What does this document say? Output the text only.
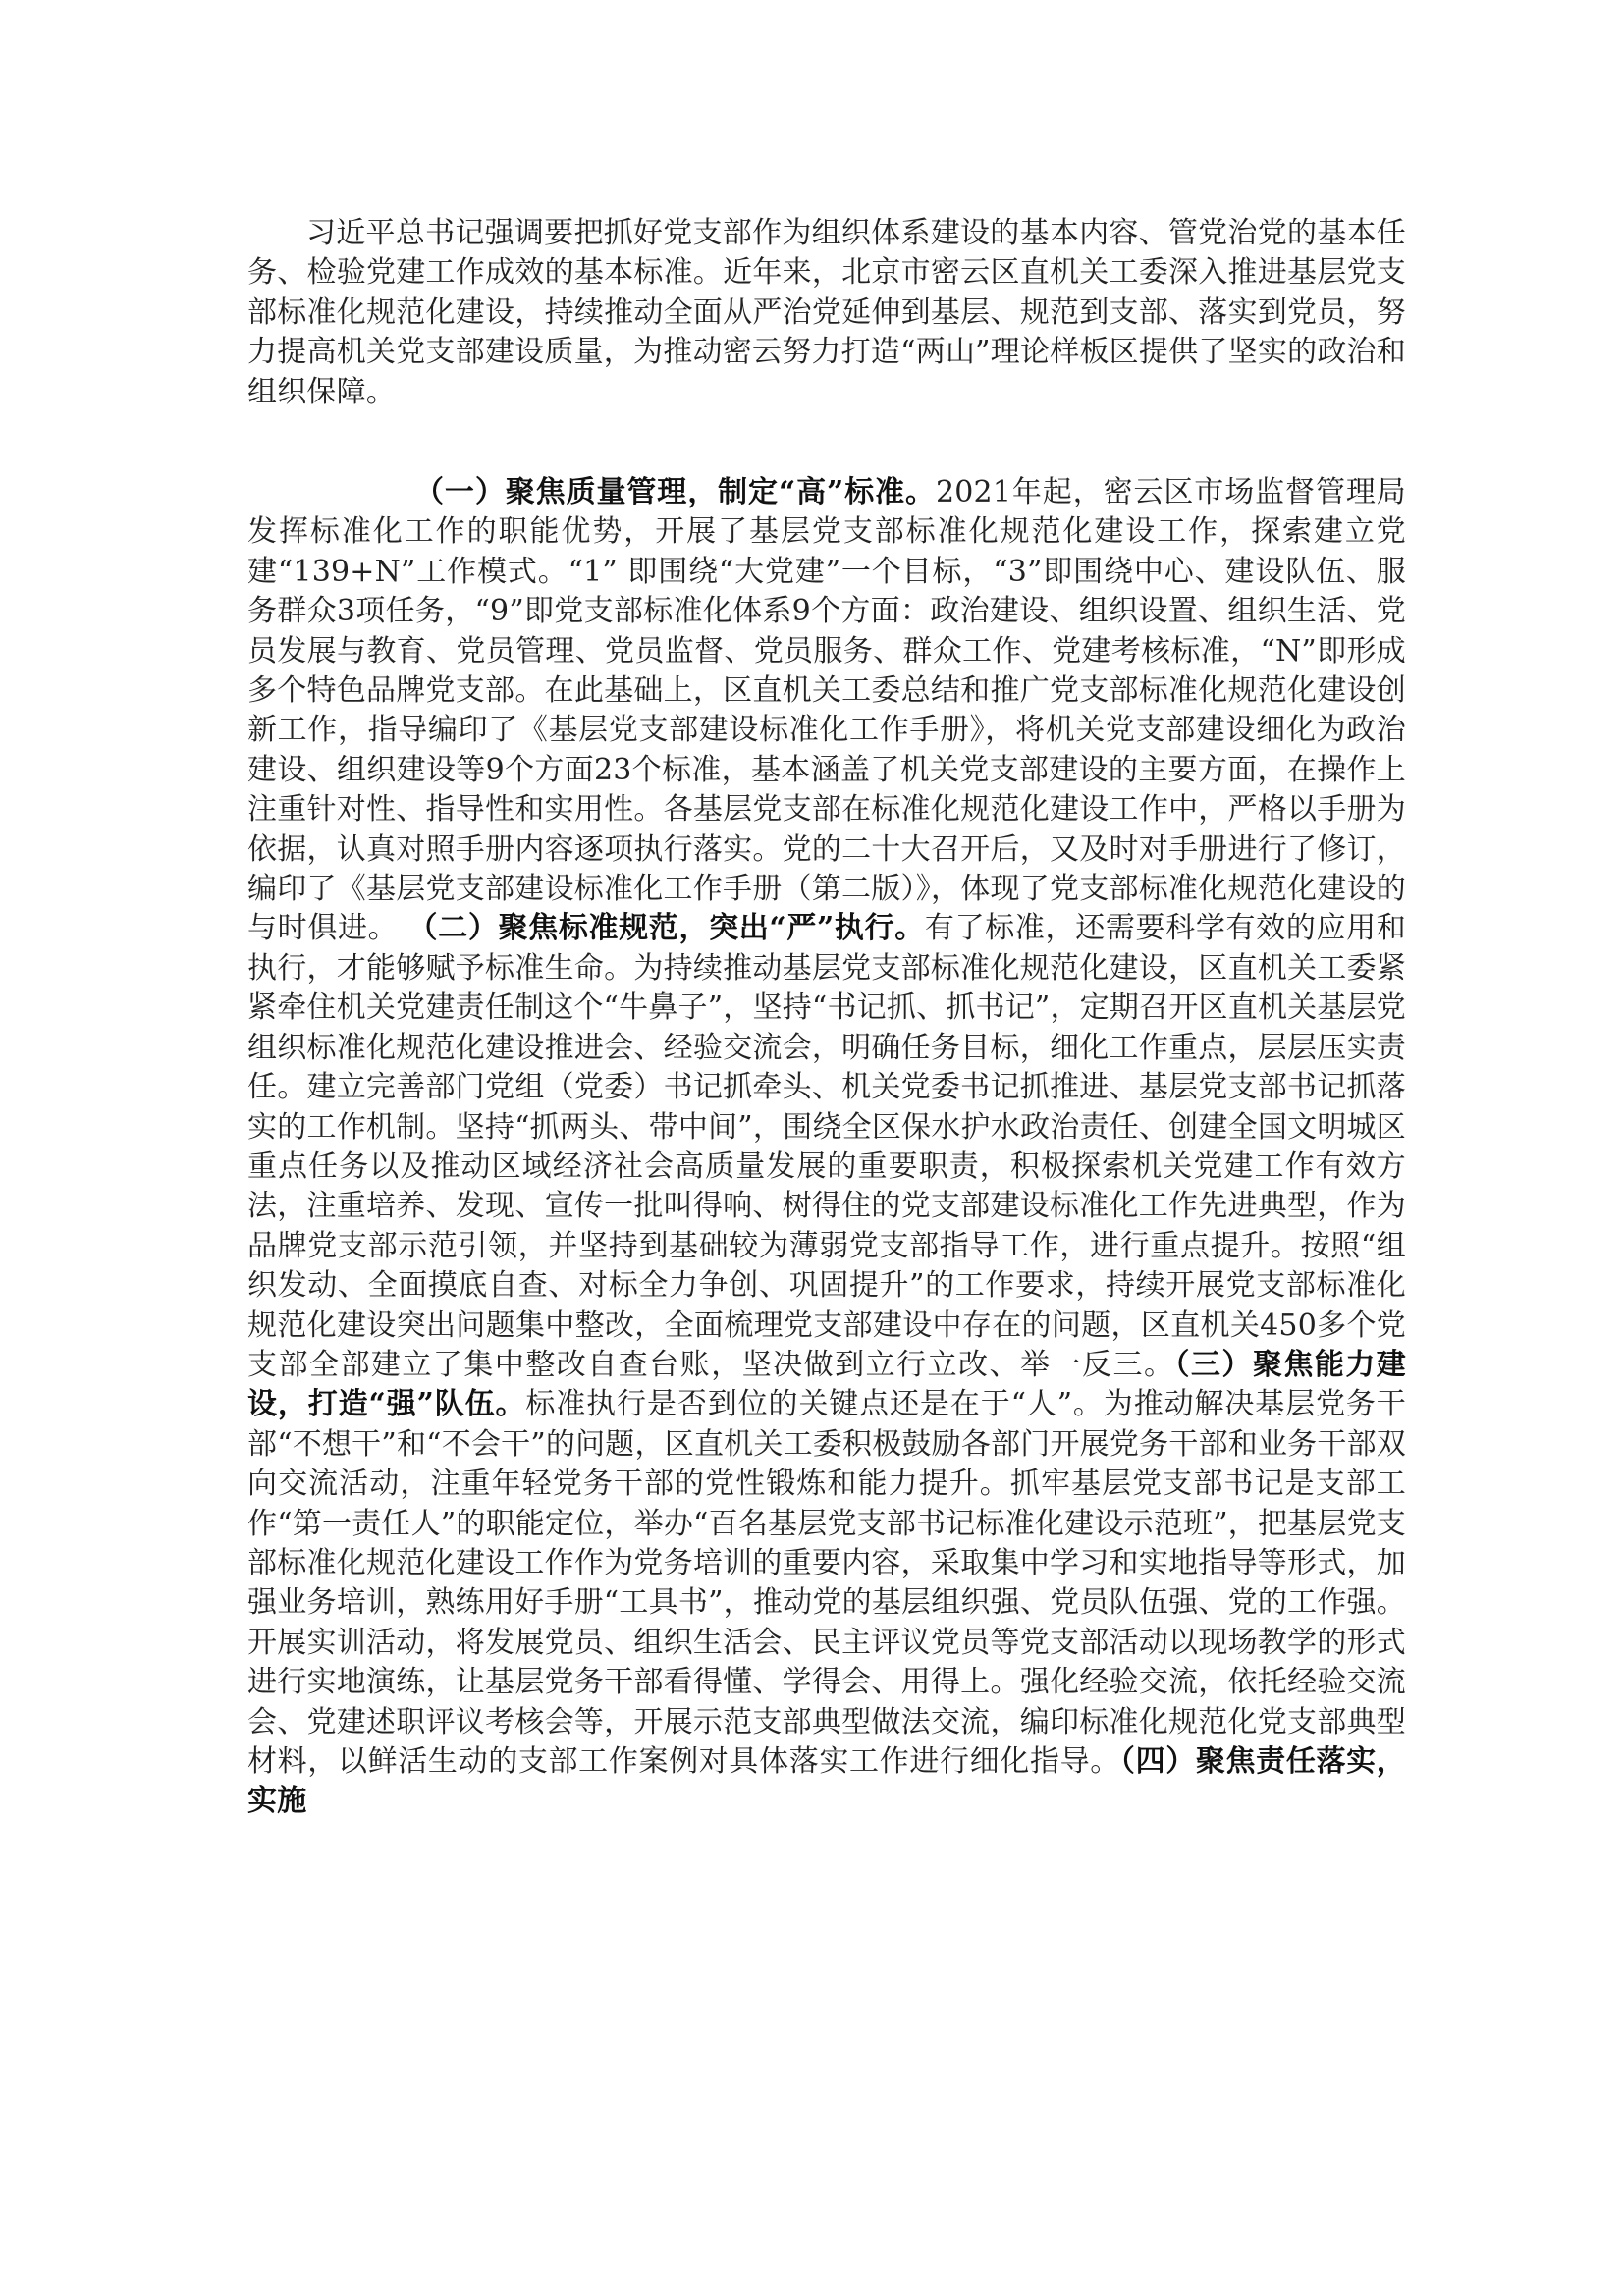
习近平总书记强调要把抓好党支部作为组织体系建设的基本内容、管党治党的基本任务、检验党建工作成效的基本标准。近年来，北京市密云区直机关工委深入推进基层党支部标准化规范化建设，持续推动全面从严治党延伸到基层、规范到支部、落实到党员，努力提高机关党支部建设质量，为推动密云努力打造“两山”理论样板区提供了坚实的政治和组织保障。

（一）聚焦质量管理，制定“高”标准。2021年起，密云区市场监督管理局发挥标准化工作的职能优势，开展了基层党支部标准化规范化建设工作，探索建立党建“139+N”工作模式。“1” 即围绕“大党建”一个目标，“3”即围绕中心、建设队伍、服务群众3项任务，“9”即党支部标准化体系9个方面：政治建设、组织设置、组织生活、党员发展与教育、党员管理、党员监督、党员服务、群众工作、党建考核标准，“N”即形成多个特色品牌党支部。在此基础上，区直机关工委总结和推广党支部标准化规范化建设创新工作，指导编印了《基层党支部建设标准化工作手册》，将机关党支部建设细化为政治建设、组织建设等9个方面23个标准，基本涵盖了机关党支部建设的主要方面，在操作上注重针对性、指导性和实用性。各基层党支部在标准化规范化建设工作中，严格以手册为依据，认真对照手册内容逐项执行落实。党的二十大召开后，又及时对手册进行了修订，编印了《基层党支部建设标准化工作手册（第二版）》，体现了党支部标准化规范化建设的与时俱进。 （二）聚焦标准规范，突出“严”执行。有了标准，还需要科学有效的应用和执行，才能够赋予标准生命。为持续推动基层党支部标准化规范化建设，区直机关工委紧紧牵住机关党建责任制这个“牛鼻子”，坚持“书记抓、抓书记”，定期召开区直机关基层党组织标准化规范化建设推进会、经验交流会，明确任务目标，细化工作重点，层层压实责任。建立完善部门党组（党委）书记抓牵头、机关党委书记抓推进、基层党支部书记抓落实的工作机制。坚持“抓两头、带中间”，围绕全区保水护水政治责任、创建全国文明城区重点任务以及推动区域经济社会高质量发展的重要职责，积极探索机关党建工作有效方法，注重培养、发现、宣传一批叫得响、树得住的党支部建设标准化工作先进典型，作为品牌党支部示范引领，并坚持到基础较为薄弱党支部指导工作，进行重点提升。按照“组织发动、全面摸底自查、对标全力争创、巩固提升”的工作要求，持续开展党支部标准化规范化建设突出问题集中整改，全面梳理党支部建设中存在的问题，区直机关450多个党支部全部建立了集中整改自查台账，坚决做到立行立改、举一反三。（三）聚焦能力建设，打造“强”队伍。标准执行是否到位的关键点还是在于“人”。为推动解决基层党务干部“不想干”和“不会干”的问题，区直机关工委积极鼓励各部门开展党务干部和业务干部双向交流活动，注重年轻党务干部的党性锻炼和能力提升。抓牢基层党支部书记是支部工作“第一责任人”的职能定位，举办“百名基层党支部书记标准化建设示范班”，把基层党支部标准化规范化建设工作作为党务培训的重要内容，采取集中学习和实地指导等形式，加强业务培训，熟练用好手册“工具书”，推动党的基层组织强、党员队伍强、党的工作强。开展实训活动，将发展党员、组织生活会、民主评议党员等党支部活动以现场教学的形式进行实地演练，让基层党务干部看得懂、学得会、用得上。强化经验交流，依托经验交流会、党建述职评议考核会等，开展示范支部典型做法交流，编印标准化规范化党支部典型材料，以鲜活生动的支部工作案例对具体落实工作进行细化指导。（四）聚焦责任落实，实施
